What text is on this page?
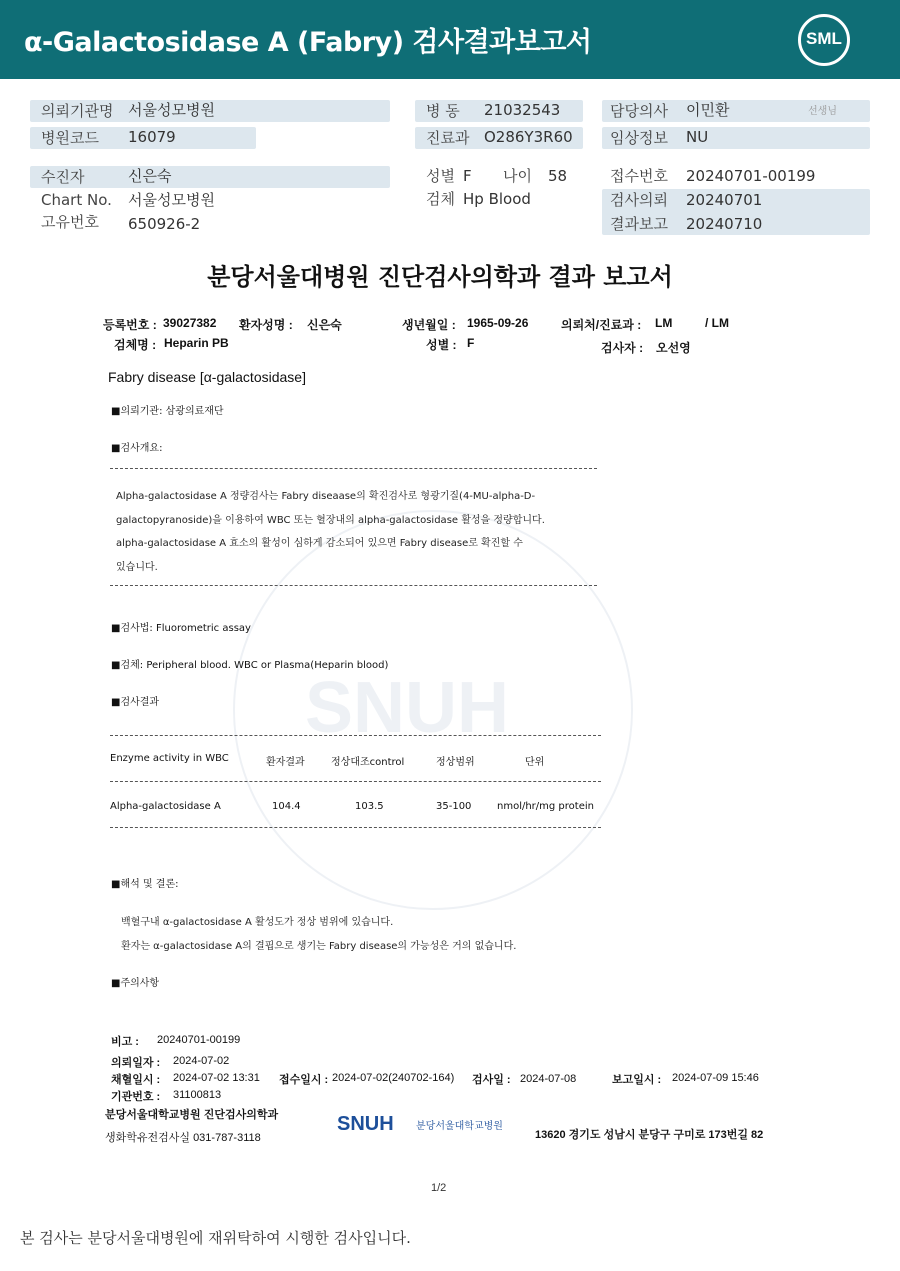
α-Galactosidase A (Fabry) 검사결과보고서	SML
의뢰기관명 서울성모병원
병원코드 16079
병 동 21032543
진료과 O286Y3R60
담당의사 이민환	선생님
임상정보 NU
수진자	신은숙
Chart No. 서울성모병원
고유번호 650926-2
성별 F 나이 58
검체 Hp Blood
접수번호 20240701-00199
검사의뢰 20240701
결과보고 20240710
SNUH
분당서울대병원 진단검사의학과 결과 보고서
등록번호 : 39027382 환자성명 : 신은숙	생년월일 : 1965-09-26	의뢰처/진료과 : LM	/ LM
검체명 : Heparin PB	성별 : F	검사자 : 오선영
Fabry disease [α-galactosidase]
■의뢰기관: 삼광의료재단
■검사개요:
Alpha-galactosidase A 정량검사는 Fabry diseaase의 확진검사로 형광기질(4-MU-alpha-D-
galactopyranoside)을 이용하여 WBC 또는 혈장내의 alpha-galactosidase 활성을 정량합니다.
alpha-galactosidase A 효소의 활성이 심하게 감소되어 있으면 Fabry disease로 확진할 수
있습니다.
■검사법: Fluorometric assay
■검체: Peripheral blood. WBC or Plasma(Heparin blood)
■검사결과
Enzyme activity in WBC	환자결과	정상대조control	정상범위	단위
Alpha-galactosidase A	104.4	103.5	35-100	nmol/hr/mg protein
■해석 및 결론:
백혈구내 α-galactosidase A 활성도가 정상 범위에 있습니다.
환자는 α-galactosidase A의 결핍으로 생기는 Fabry disease의 가능성은 거의 없습니다.
■주의사항
비고 : 20240701-00199
의뢰일자 : 2024-07-02
채혈일시 : 2024-07-02 13:31 접수일시 : 2024-07-02(240702-164) 검사일 : 2024-07-08	보고일시 : 2024-07-09 15:46
기관번호 : 31100813
분당서울대학교병원 진단검사의학과
생화학유전검사실 031-787-3118
SNUH 분당서울대학교병원
13620 경기도 성남시 분당구 구미로 173번길 82
1/2
본 검사는 분당서울대병원에 재위탁하여 시행한 검사입니다.
